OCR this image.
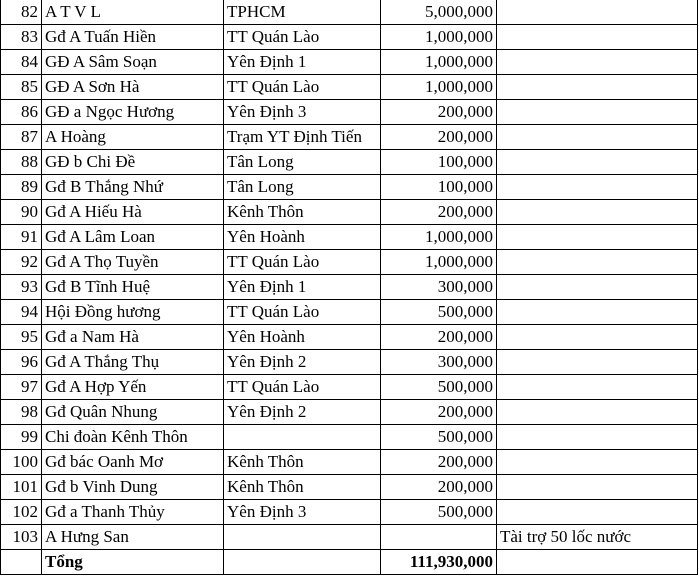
82	A T V L	TPHCM	5,000,000	
83	Gđ A Tuấn Hiền	TT Quán Lào	1,000,000	
84	GĐ A Sâm Soạn	Yên Định 1	1,000,000	
85	GĐ A Sơn Hà	TT Quán Lào	1,000,000	
86	GĐ a Ngọc Hương	Yên Định 3	200,000	
87	A Hoàng	Trạm YT Định Tiến	200,000	
88	GĐ b Chi Đề	Tân Long	100,000	
89	Gđ B Thắng Nhứ	Tân Long	100,000	
90	Gđ A Hiếu Hà	Kênh Thôn	200,000	
91	Gđ A Lâm Loan	Yên Hoành	1,000,000	
92	Gđ A Thọ Tuyền	TT Quán Lào	1,000,000	
93	Gđ B Tĩnh Huệ	Yên Định 1	300,000	
94	Hội Đồng hương	TT Quán Lào	500,000	
95	Gđ a Nam Hà	Yên Hoành	200,000	
96	Gđ A Thắng Thụ	Yên Định 2	300,000	
97	Gđ A Hợp Yến	TT Quán Lào	500,000	
98	Gđ Quân Nhung	Yên Định 2	200,000	
99	Chi đoàn Kênh Thôn		500,000	
100	Gđ bác Oanh Mơ	Kênh Thôn	200,000	
101	Gđ b Vinh Dung	Kênh Thôn	200,000	
102	Gđ a Thanh Thủy	Yên Định 3	500,000	
103	A Hưng San			Tài trợ 50 lốc nước
	Tổng		111,930,000	
